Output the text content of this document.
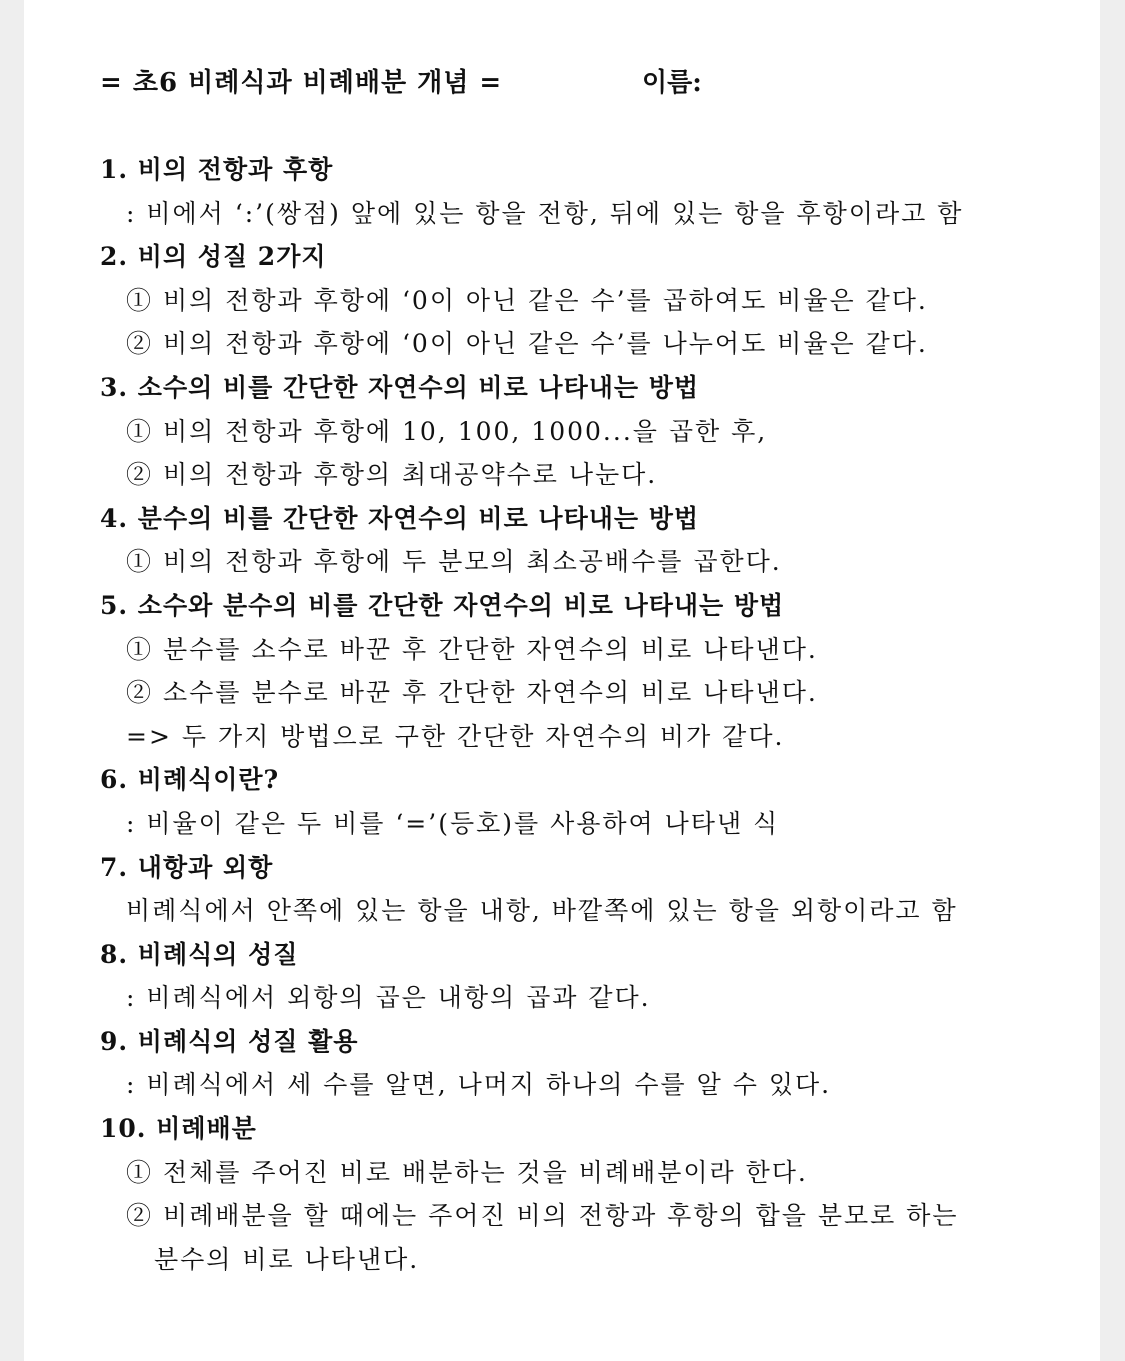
= 초6 비례식과 비례배분 개념 =	이름:
1. 비의 전항과 후항
: 비에서 ‘:’(쌍점) 앞에 있는 항을 전항, 뒤에 있는 항을 후항이라고 함
2. 비의 성질 2가지
① 비의 전항과 후항에 ‘0이 아닌 같은 수’를 곱하여도 비율은 같다.
② 비의 전항과 후항에 ‘0이 아닌 같은 수’를 나누어도 비율은 같다.
3. 소수의 비를 간단한 자연수의 비로 나타내는 방법
① 비의 전항과 후항에 10, 100, 1000...을 곱한 후,
② 비의 전항과 후항의 최대공약수로 나눈다.
4. 분수의 비를 간단한 자연수의 비로 나타내는 방법
① 비의 전항과 후항에 두 분모의 최소공배수를 곱한다.
5. 소수와 분수의 비를 간단한 자연수의 비로 나타내는 방법
① 분수를 소수로 바꾼 후 간단한 자연수의 비로 나타낸다.
② 소수를 분수로 바꾼 후 간단한 자연수의 비로 나타낸다.
=> 두 가지 방법으로 구한 간단한 자연수의 비가 같다.
6. 비례식이란?
: 비율이 같은 두 비를 ‘=’(등호)를 사용하여 나타낸 식
7. 내항과 외항
비례식에서 안쪽에 있는 항을 내항, 바깥쪽에 있는 항을 외항이라고 함
8. 비례식의 성질
: 비례식에서 외항의 곱은 내항의 곱과 같다.
9. 비례식의 성질 활용
: 비례식에서 세 수를 알면, 나머지 하나의 수를 알 수 있다.
10. 비례배분
① 전체를 주어진 비로 배분하는 것을 비례배분이라 한다.
② 비례배분을 할 때에는 주어진 비의 전항과 후항의 합을 분모로 하는
분수의 비로 나타낸다.
